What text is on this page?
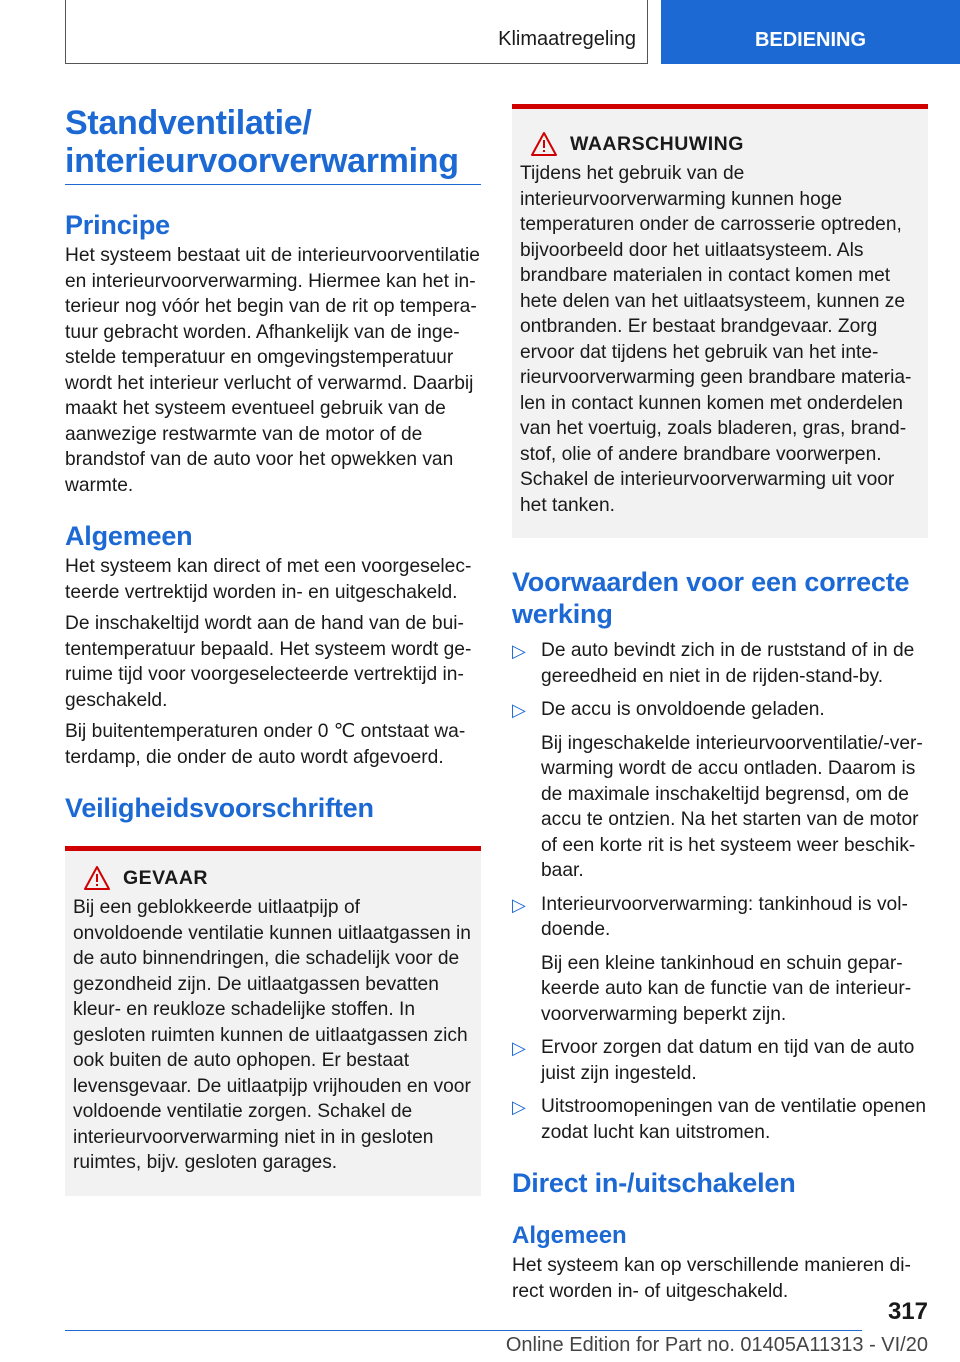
Klimaatregeling	BEDIENING
Standventilatie/ interieurvoorverwarming
Principe

Het systeem bestaat uit de interieurvoorventilatie en interieurvoorverwarming. Hiermee kan het interieur nog vóór het begin van de rit op temperatuur gebracht worden. Afhankelijk van de ingestelde temperatuur en omgevingstemperatuur wordt het interieur verlucht of verwarmd. Daarbij maakt het systeem eventueel gebruik van de aanwezige restwarmte van de motor of de brandstof van de auto voor het opwekken van warmte.

Algemeen

Het systeem kan direct of met een voorgeselecteerde vertrektijd worden in- en uitgeschakeld.

De inschakeltijd wordt aan de hand van de buitentemperatuur bepaald. Het systeem wordt geruime tijd voor voorgeselecteerde vertrektijd ingeschakeld.

Bij buitentemperaturen onder 0 ℃ ontstaat waterdamp, die onder de auto wordt afgevoerd.

Veiligheidsvoorschriften
GEVAAR

Bij een geblokkeerde uitlaatpijp of onvoldoende ventilatie kunnen uitlaatgassen in de auto binnendringen, die schadelijk voor de gezondheid zijn. De uitlaatgassen bevatten kleur- en reukloze schadelijke stoffen. In gesloten ruimten kunnen de uitlaatgassen zich ook buiten de auto ophopen. Er bestaat levensgevaar. De uitlaatpijp vrijhouden en voor voldoende ventilatie zorgen. Schakel de interieurvoorverwarming niet in in gesloten ruimtes, bijv. gesloten garages.

WAARSCHUWING

Tijdens het gebruik van de interieurvoorverwarming kunnen hoge temperaturen onder de carrosserie optreden, bijvoorbeeld door het uitlaatsysteem. Als brandbare materialen in contact komen met hete delen van het uitlaatsysteem, kunnen ze ontbranden. Er bestaat brandgevaar. Zorg ervoor dat tijdens het gebruik van het interieurvoorverwarming geen brandbare materialen in contact kunnen komen met onderdelen van het voertuig, zoals bladeren, gras, brandstof, olie of andere brandbare voorwerpen. Schakel de interieurvoorverwarming uit voor het tanken.

Voorwaarden voor een correcte werking
▷ De auto bevindt zich in de ruststand of in de gereedheid en niet in de rijden-stand-by.

▷ De accu is onvoldoende geladen.

Bij ingeschakelde interieurvoorventilatie/-verwarming wordt de accu ontladen. Daarom is de maximale inschakeltijd begrensd, om de accu te ontzien. Na het starten van de motor of een korte rit is het systeem weer beschikbaar.

▷ Interieurvoorverwarming: tankinhoud is voldoende.

Bij een kleine tankinhoud en schuin geparkeerde auto kan de functie van de interieurvoorverwarming beperkt zijn.

▷ Ervoor zorgen dat datum en tijd van de auto juist zijn ingesteld.

▷ Uitstroomopeningen van de ventilatie openen zodat lucht kan uitstromen.

Direct in-/uitschakelen
Algemeen

Het systeem kan op verschillende manieren direct worden in- of uitgeschakeld.

317
Online Edition for Part no. 01405A11313 - VI/20
